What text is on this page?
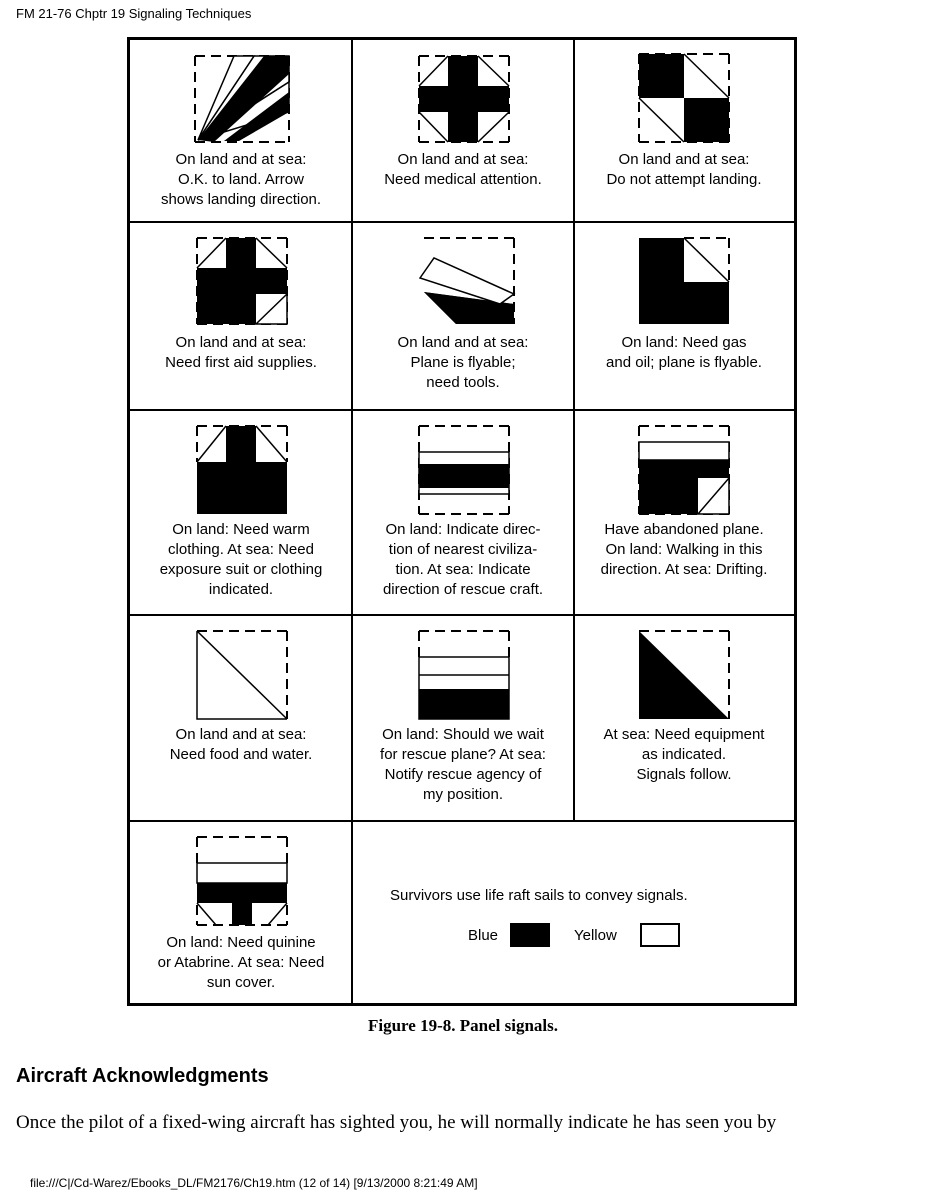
FM 21-76 Chptr 19 Signaling Techniques
On land and at sea:
O.K. to land. Arrow
shows landing direction.
On land and at sea:
Need medical attention.
On land and at sea:
Do not attempt landing.
On land and at sea:
Need first aid supplies.
On land and at sea:
Plane is flyable;
need tools.
On land: Need gas
and oil; plane is flyable.
On land: Need warm
clothing. At sea: Need
exposure suit or clothing
indicated.
On land: Indicate direc-
tion of nearest civiliza-
tion. At sea: Indicate
direction of rescue craft.
Have abandoned plane.
On land: Walking in this
direction. At sea: Drifting.
On land and at sea:
Need food and water.
On land: Should we wait
for rescue plane? At sea:
Notify rescue agency of
my position.
At sea: Need equipment
as indicated.
Signals follow.
On land: Need quinine
or Atabrine. At sea: Need
sun cover.
Survivors use life raft sails to convey signals.
Blue	Yellow
Figure 19-8. Panel signals.
Aircraft Acknowledgments
Once the pilot of a fixed-wing aircraft has sighted you, he will normally indicate he has seen you by
file:///C|/Cd-Warez/Ebooks_DL/FM2176/Ch19.htm (12 of 14) [9/13/2000 8:21:49 AM]
